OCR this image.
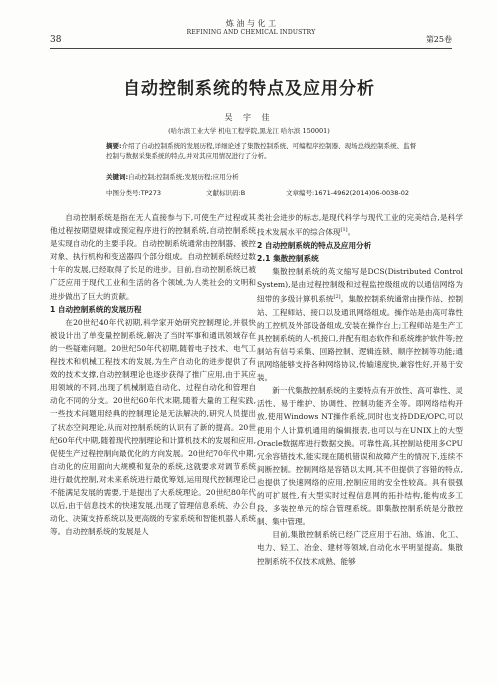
38
炼 油 与 化 工
REFINING AND CHEMICAL INDUSTRY
第25卷
自动控制系统的特点及应用分析
吴 宇 佳
(哈尔滨工业大学 机电工程学院,黑龙江 哈尔滨 150001)
摘要:介绍了自动控制系统的发展历程,详细论述了集散控制系统、可编程序控制器、现场总线控制系统、监督控制与数据采集系统的特点,并对其应用情况进行了分析。
关键词:自动控制;控制系统;发展历程;应用分析
中图分类号:TP273	文献标识码:B	文章编号:1671-4962(2014)06-0038-02

自动控制系统是指在无人直接参与下,可使生产过程或其他过程按期望规律或预定程序进行的控制系统,自动控制系统是实现自动化的主要手段。自动控制系统通常由控制器、被控对象、执行机构和变送器四个部分组成。自动控制系统经过数十年的发展,已经取得了长足的进步。目前,自动控制系统已被广泛应用于现代工业和生活的各个领域,为人类社会的文明和进步做出了巨大的贡献。

1 自动控制系统的发展历程

在20世纪40年代初期,科学家开始研究控制理论,并很快被设计出了单变量控制系统,解决了当时军事和通讯领域存在的一些疑难问题。20世纪50年代初期,随着电子技术、电气工程技术和机械工程技术的发展,为生产自动化的进步提供了有效的技术支撑,自动控制理论也逐步获得了推广应用,由于其应用领域的不同,出现了机械制造自动化、过程自动化和管理自动化不同的分支。20世纪60年代末期,随着大量的工程实践,一些技术问题用经典的控制理论是无法解决的,研究人员提出了状态空间理论,从而对控制系统的认识有了新的提高。20世纪60年代中期,随着现代控制理论和计算机技术的发展和应用,促使生产过程控制向最优化的方向发展。20世纪70年代中期,自动化的应用面向大规模和复杂的系统,这就要求对调节系统进行最优控制,对未来系统进行最优筹划,运用现代控制理论已不能满足发展的需要,于是提出了大系统理论。20世纪80年代以后,由于信息技术的快速发展,出现了管理信息系统、办公自动化、决策支持系统以及更高级的专家系统和智能机器人系统等。自动控制系统的发展是人

类社会进步的标志,是现代科学与现代工业的完美结合,是科学技术发展水平的综合体现[1]。

2 自动控制系统的特点及应用分析
2.1 集散控制系统

集散控制系统的英文缩写是DCS(Distributed Control System),是由过程控制级和过程监控级组成的以通信网络为纽带的多级计算机系统[2]。集散控制系统通常由操作站、控制站、工程师站、接口以及通讯网络组成。操作站是由高可靠性的工控机及外部设备组成,安装在操作台上;工程师站是生产工具控制系统的人-机接口,并配有组态软件和系统维护软件等;控制站有信号采集、回路控制、逻辑连锁、顺序控制等功能;通讯网络能够支持各种网络协议,传输速度快,兼容性好,开易于安装。

新一代集散控制系统的主要特点有开放性、高可靠性、灵活性、易于维护、协调性、控制功能齐全等。即网络结构开放,使用Windows NT操作系统,同时也支持DDE/OPC,可以使用个人计算机通用的编辑报表,也可以与在UNIX上的大型Oracle数据库进行数据交换。可靠性高,其控制站使用多CPU冗余容错技术,能实现在随机错误和故障产生的情况下,连续不间断控制。控制网络是容错以太网,其不但提供了容错的特点,也提供了快速网络的应用,控制应用的安全性较高。具有很强的可扩展性,有大型实时过程信息网的拓扑结构,能构成多工段、多装控单元的综合管理系统。即集散控制系统是分散控制、集中管理。

目前,集散控制系统已经广泛应用于石油、炼油、化工、电力、轻工、冶金、建材等领域,自动化水平明显提高。集散控制系统不仅技术成熟、能够
